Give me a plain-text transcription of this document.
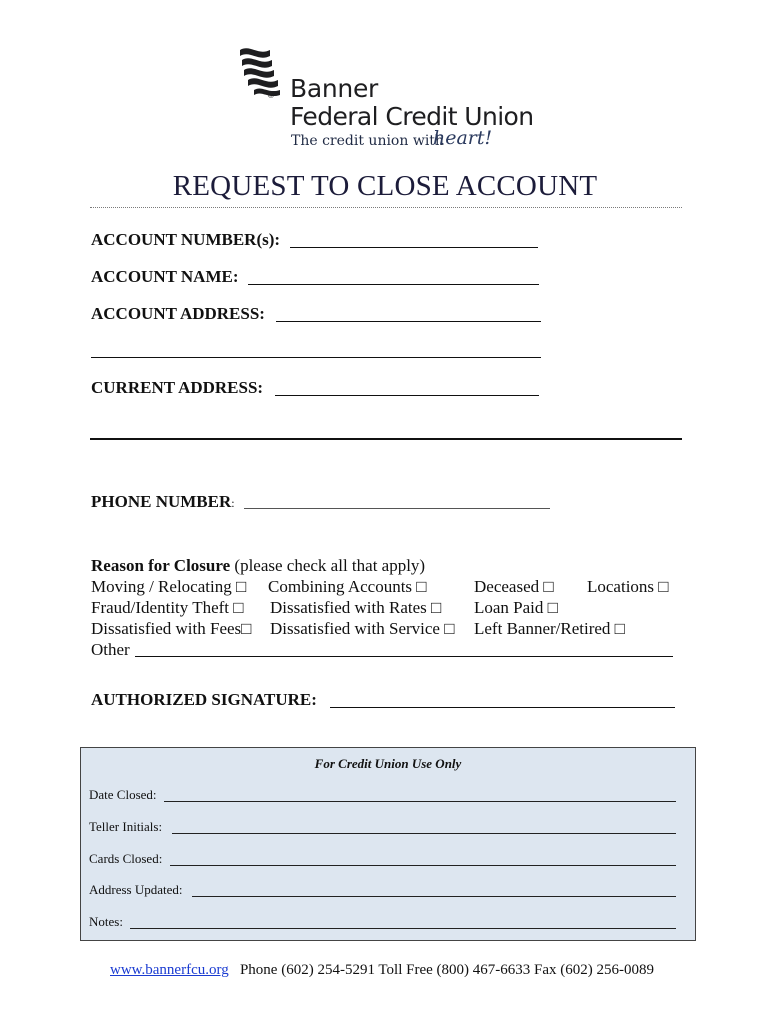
® Banner
Federal Credit Union
The credit union with
heart!
REQUEST TO CLOSE ACCOUNT
ACCOUNT NUMBER(s):
ACCOUNT NAME:
ACCOUNT ADDRESS:
CURRENT ADDRESS:
PHONE NUMBER:
Reason for Closure (please check all that apply)
Moving / Relocating □ Combining Accounts □	Deceased □ Locations □
Fraud/Identity Theft □ Dissatisfied with Rates □ Loan Paid □
Dissatisfied with Fees□ Dissatisfied with Service □ Left Banner/Retired □
Other
AUTHORIZED SIGNATURE:
For Credit Union Use Only
Date Closed:
Teller Initials:
Cards Closed:
Address Updated:
Notes:
www.bannerfcu.org Phone (602) 254-5291 Toll Free (800) 467-6633 Fax (602) 256-0089
